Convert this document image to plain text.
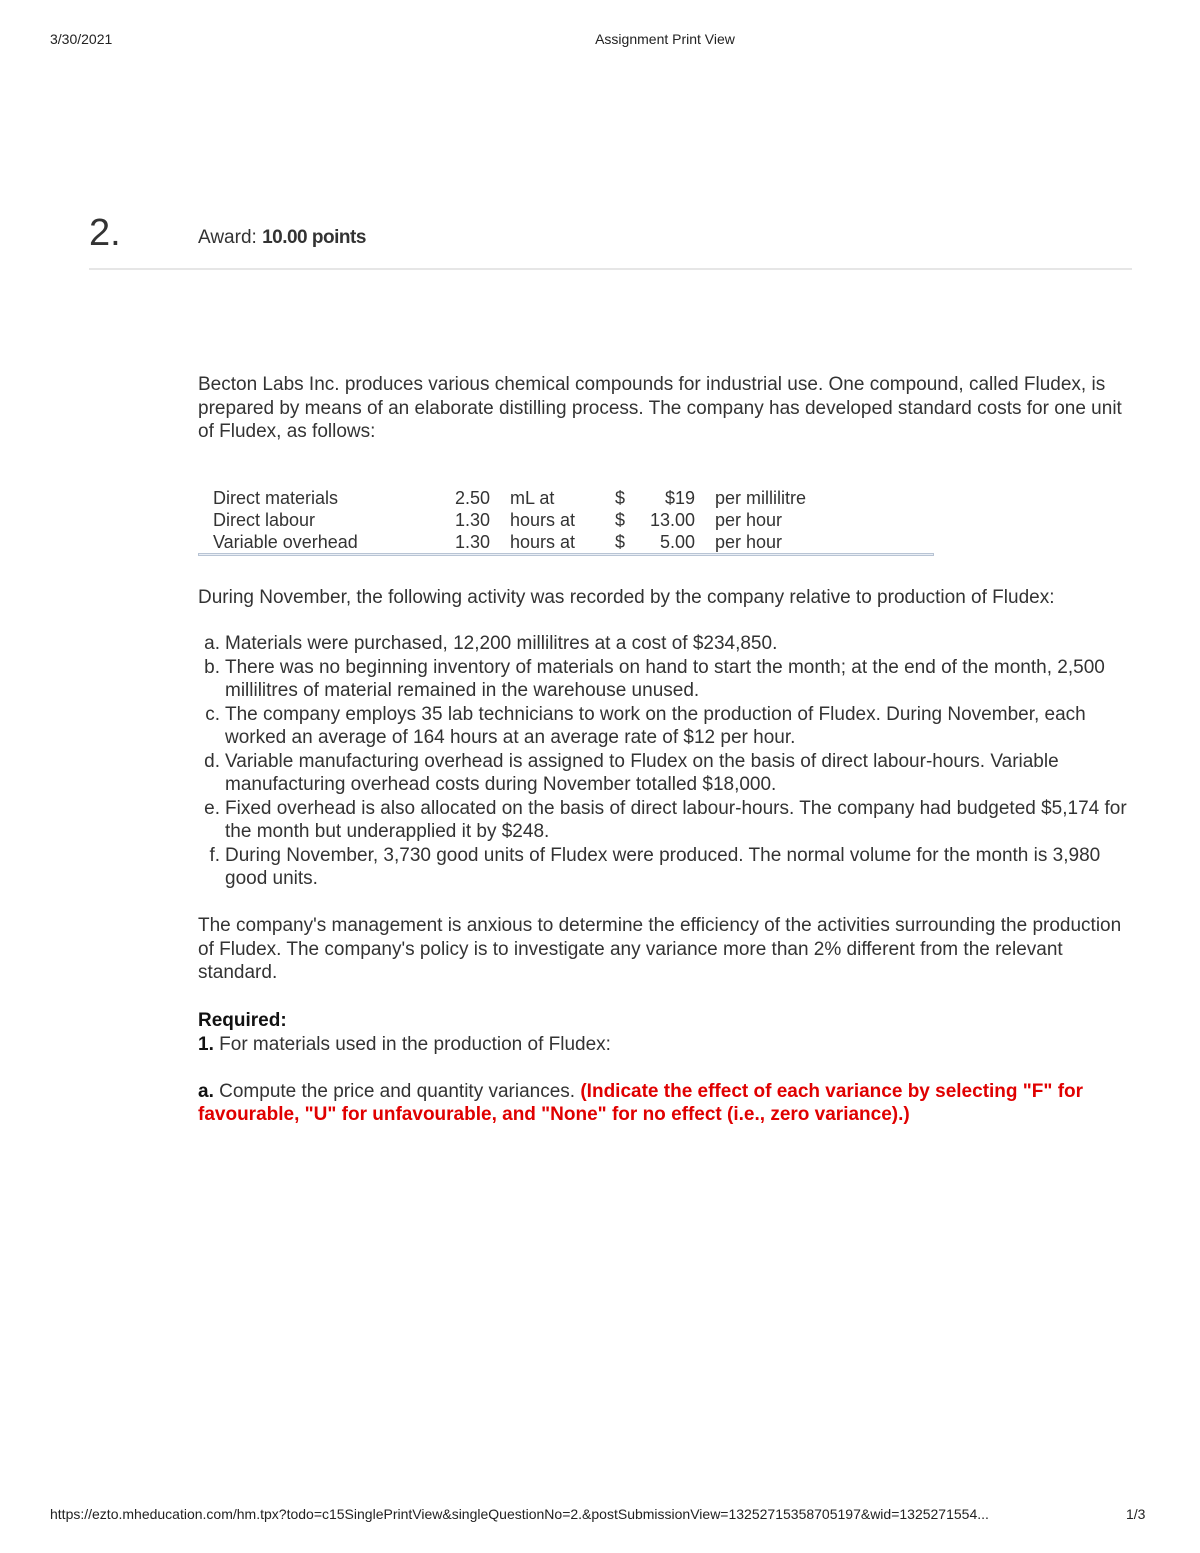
3/30/2021	Assignment Print View
2.	Award: 10.00 points
Becton Labs Inc. produces various chemical compounds for industrial use. One compound, called Fludex, is prepared by means of an elaborate distilling process. The company has developed standard costs for one unit of Fludex, as follows:
Direct materials	2.50	mL at	$	$19	per millilitre
Direct labour	1.30	hours at	$	13.00	per hour
Variable overhead	1.30	hours at	$	5.00	per hour
During November, the following activity was recorded by the company relative to production of Fludex:
a. Materials were purchased, 12,200 millilitres at a cost of $234,850.
b. There was no beginning inventory of materials on hand to start the month; at the end of the month, 2,500 millilitres of material remained in the warehouse unused.
c. The company employs 35 lab technicians to work on the production of Fludex. During November, each worked an average of 164 hours at an average rate of $12 per hour.
d. Variable manufacturing overhead is assigned to Fludex on the basis of direct labour-hours. Variable manufacturing overhead costs during November totalled $18,000.
e. Fixed overhead is also allocated on the basis of direct labour-hours. The company had budgeted $5,174 for the month but underapplied it by $248.
f. During November, 3,730 good units of Fludex were produced. The normal volume for the month is 3,980 good units.
The company's management is anxious to determine the efficiency of the activities surrounding the production of Fludex. The company's policy is to investigate any variance more than 2% different from the relevant standard.
Required:
1. For materials used in the production of Fludex:
a. Compute the price and quantity variances. (Indicate the effect of each variance by selecting "F" for favourable, "U" for unfavourable, and "None" for no effect (i.e., zero variance).)
https://ezto.mheducation.com/hm.tpx?todo=c15SinglePrintView&singleQuestionNo=2.&postSubmissionView=13252715358705197&wid=1325271554...	1/3
